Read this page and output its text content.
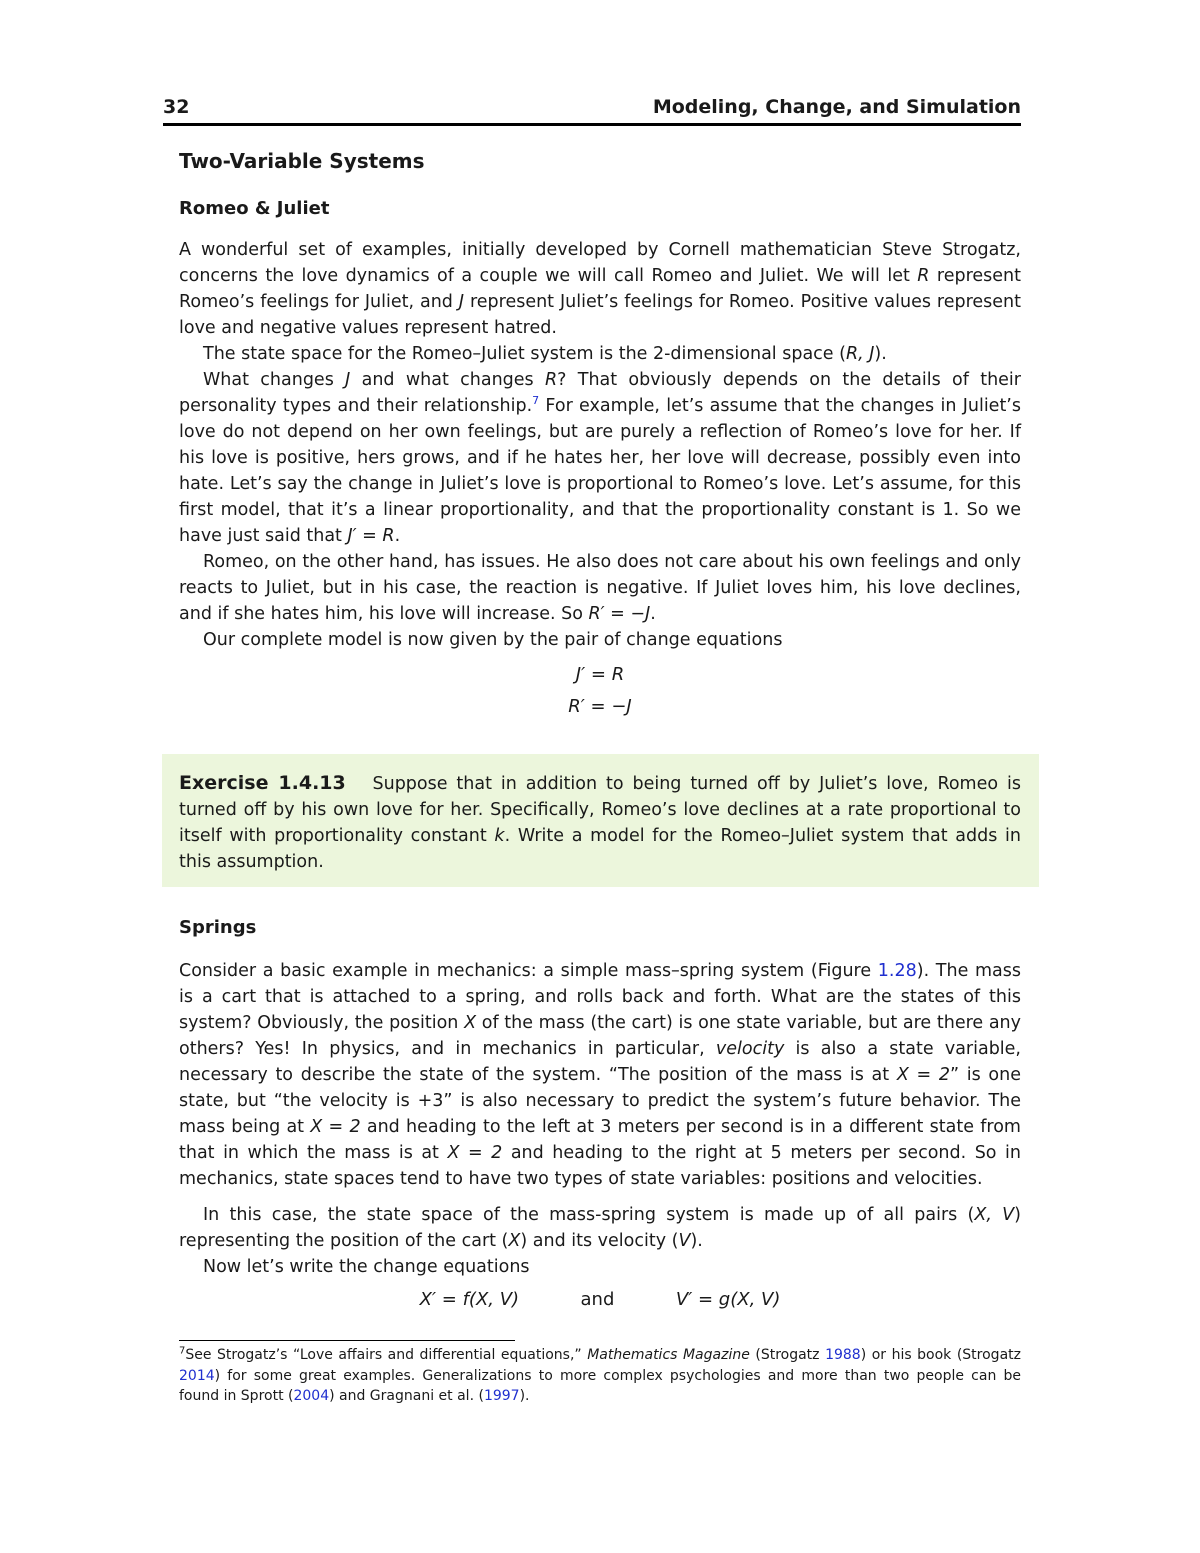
32	Modeling, Change, and Simulation
Two-Variable Systems
Romeo & Juliet

A wonderful set of examples, initially developed by Cornell mathematician Steve Strogatz, concerns the love dynamics of a couple we will call Romeo and Juliet. We will let R represent Romeo’s feelings for Juliet, and J represent Juliet’s feelings for Romeo. Positive values represent love and negative values represent hatred.

The state space for the Romeo–Juliet system is the 2-dimensional space (R, J).

What changes J and what changes R? That obviously depends on the details of their personality types and their relationship.$^7$ For example, let’s assume that the changes in Juliet’s love do not depend on her own feelings, but are purely a reflection of Romeo’s love for her. If his love is positive, hers grows, and if he hates her, her love will decrease, possibly even into hate. Let’s say the change in Juliet’s love is proportional to Romeo’s love. Let’s assume, for this first model, that it’s a linear proportionality, and that the proportionality constant is 1. So we have just said that J′ = R.

Romeo, on the other hand, has issues. He also does not care about his own feelings and only reacts to Juliet, but in his case, the reaction is negative. If Juliet loves him, his love declines, and if she hates him, his love will increase. So R′ = −J.

Our complete model is now given by the pair of change equations

J′ = R
R′ = −J

Exercise 1.4.13 Suppose that in addition to being turned off by Juliet’s love, Romeo is turned off by his own love for her. Specifically, Romeo’s love declines at a rate proportional to itself with proportionality constant k. Write a model for the Romeo–Juliet system that adds in this assumption.

Springs

Consider a basic example in mechanics: a simple mass–spring system (Figure 1.28). The mass is a cart that is attached to a spring, and rolls back and forth. What are the states of this system? Obviously, the position X of the mass (the cart) is one state variable, but are there any others? Yes! In physics, and in mechanics in particular, velocity is also a state variable, necessary to describe the state of the system. “The position of the mass is at X = 2” is one state, but “the velocity is +3” is also necessary to predict the system’s future behavior. The mass being at X = 2 and heading to the left at 3 meters per second is in a different state from that in which the mass is at X = 2 and heading to the right at 5 meters per second. So in mechanics, state spaces tend to have two types of state variables: positions and velocities.

In this case, the state space of the mass-spring system is made up of all pairs (X, V) representing the position of the cart (X) and its velocity (V).

Now let’s write the change equations

X′ = f(X, V)	and	V′ = g(X, V)
$^7$See Strogatz’s “Love affairs and differential equations,” Mathematics Magazine (Strogatz 1988) or his book (Strogatz 2014) for some great examples. Generalizations to more complex psychologies and more than two people can be found in Sprott (2004) and Gragnani et al. (1997).
